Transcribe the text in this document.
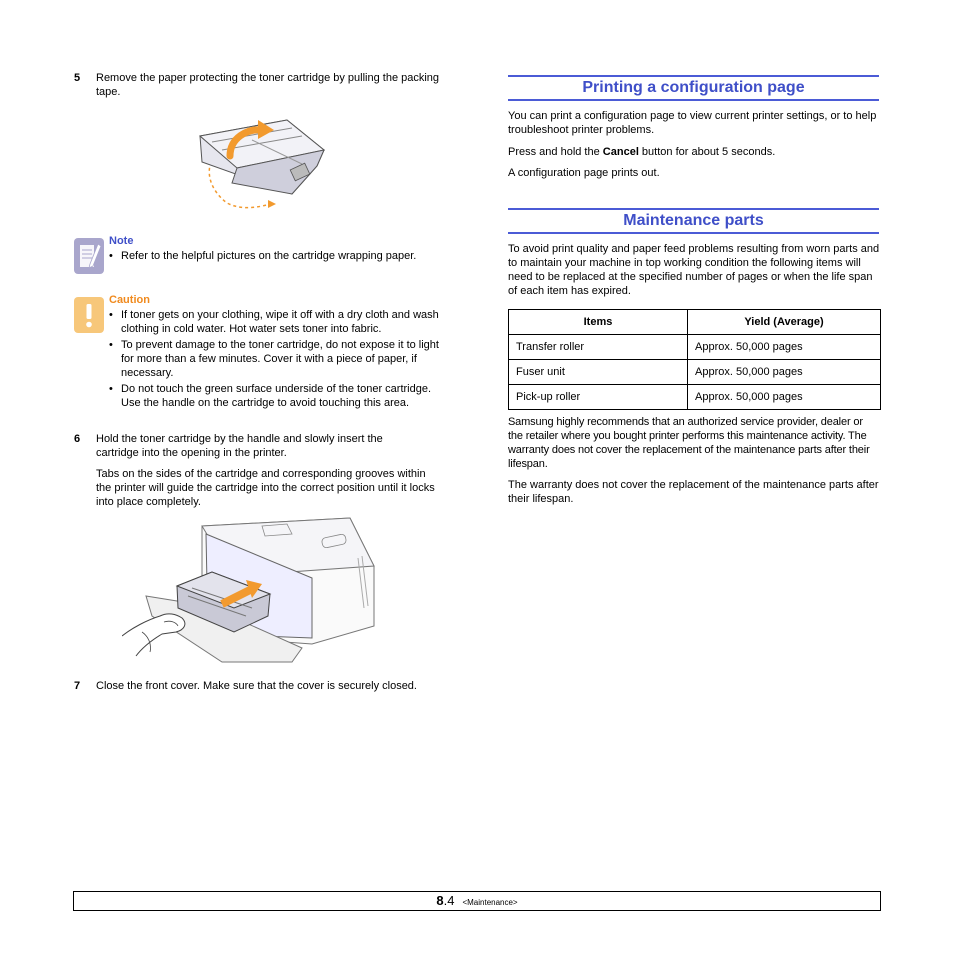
5 Remove the paper protecting the toner cartridge by pulling the packing tape.

Note
• Refer to the helpful pictures on the cartridge wrapping paper.
Caution
• If toner gets on your clothing, wipe it off with a dry cloth and wash clothing in cold water. Hot water sets toner into fabric.
• To prevent damage to the toner cartridge, do not expose it to light for more than a few minutes. Cover it with a piece of paper, if necessary.
• Do not touch the green surface underside of the toner cartridge. Use the handle on the cartridge to avoid touching this area.
6 Hold the toner cartridge by the handle and slowly insert the cartridge into the opening in the printer.

Tabs on the sides of the cartridge and corresponding grooves within the printer will guide the cartridge into the correct position until it locks into place completely.

7 Close the front cover. Make sure that the cover is securely closed.

Printing a configuration page

You can print a configuration page to view current printer settings, or to help troubleshoot printer problems.

Press and hold the Cancel button for about 5 seconds.

A configuration page prints out.

Maintenance parts

To avoid print quality and paper feed problems resulting from worn parts and to maintain your machine in top working condition the following items will need to be replaced at the specified number of pages or when the life span of each item has expired.

Items	Yield (Average)
Transfer roller	Approx. 50,000 pages
Fuser unit	Approx. 50,000 pages
Pick-up roller	Approx. 50,000 pages

Samsung highly recommends that an authorized service provider, dealer or the retailer where you bought printer performs this maintenance activity. The warranty does not cover the replacement of the maintenance parts after their lifespan.

The warranty does not cover the replacement of the maintenance parts after their lifespan.

8.4 <Maintenance>
